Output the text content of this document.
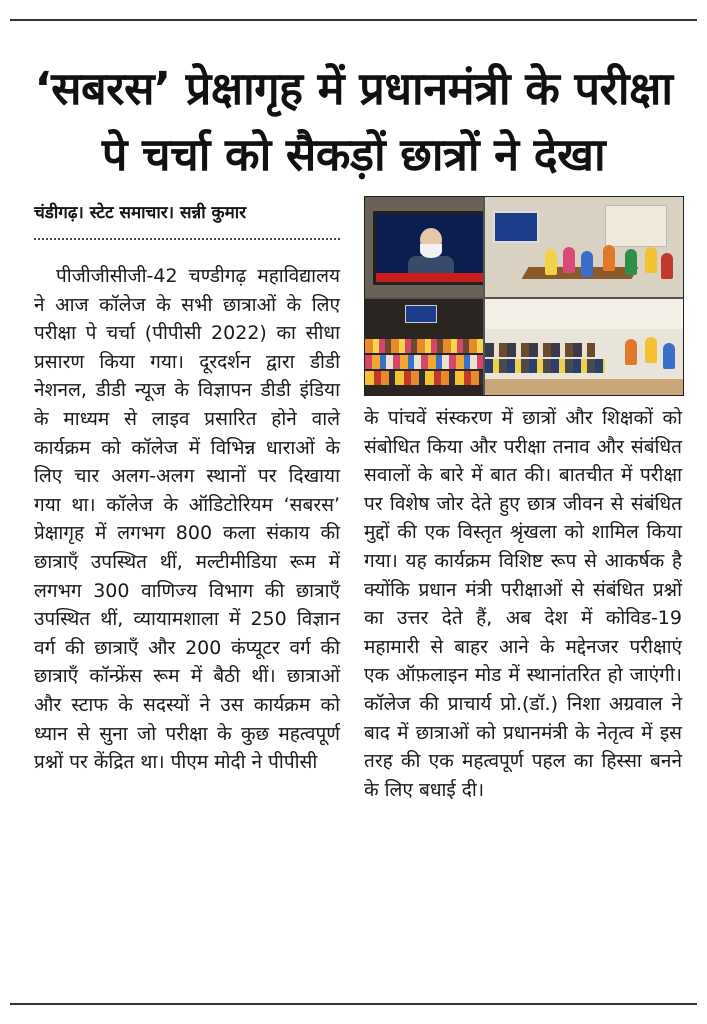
‘सबरस’ प्रेक्षागृह में प्रधानमंत्री के परीक्षा
पे चर्चा को सैकड़ों छात्रों ने देखा
चंडीगढ़। स्टेट समाचार। सन्नी कुमार

पीजीजीसीजी-42 चण्डीगढ़ महाविद्यालय ने आज कॉलेज के सभी छात्राओं के लिए परीक्षा पे चर्चा (पीपीसी 2022) का सीधा प्रसारण किया गया। दूरदर्शन द्वारा डीडी नेशनल, डीडी न्यूज के विज्ञापन डीडी इंडिया के माध्यम से लाइव प्रसारित होने वाले कार्यक्रम को कॉलेज में विभिन्न धाराओं के लिए चार अलग-अलग स्थानों पर दिखाया गया था। कॉलेज के ऑडिटोरियम ‘सबरस’ प्रेक्षागृह में लगभग 800 कला संकाय की छात्राएँ उपस्थित थीं, मल्टीमीडिया रूम में लगभग 300 वाणिज्य विभाग की छात्राएँ उपस्थित थीं, व्यायामशाला में 250 विज्ञान वर्ग की छात्राएँ और 200 कंप्यूटर वर्ग की छात्राएँ कॉन्फ्रेंस रूम में बैठी थीं। छात्राओं और स्टाफ के सदस्यों ने उस कार्यक्रम को ध्यान से सुना जो परीक्षा के कुछ महत्वपूर्ण प्रश्नों पर केंद्रित था। पीएम मोदी ने पीपीसी

के पांचवें संस्करण में छात्रों और शिक्षकों को संबोधित किया और परीक्षा तनाव और संबंधित सवालों के बारे में बात की। बातचीत में परीक्षा पर विशेष जोर देते हुए छात्र जीवन से संबंधित मुद्दों की एक विस्तृत श्रृंखला को शामिल किया गया। यह कार्यक्रम विशिष्ट रूप से आकर्षक है क्योंकि प्रधान मंत्री परीक्षाओं से संबंधित प्रश्नों का उत्तर देते हैं, अब देश में कोविड-19 महामारी से बाहर आने के मद्देनजर परीक्षाएं एक ऑफ़लाइन मोड में स्थानांतरित हो जाएंगी। कॉलेज की प्राचार्य प्रो.(डॉ.) निशा अग्रवाल ने बाद में छात्राओं को प्रधानमंत्री के नेतृत्व में इस तरह की एक महत्वपूर्ण पहल का हिस्सा बनने के लिए बधाई दी।
